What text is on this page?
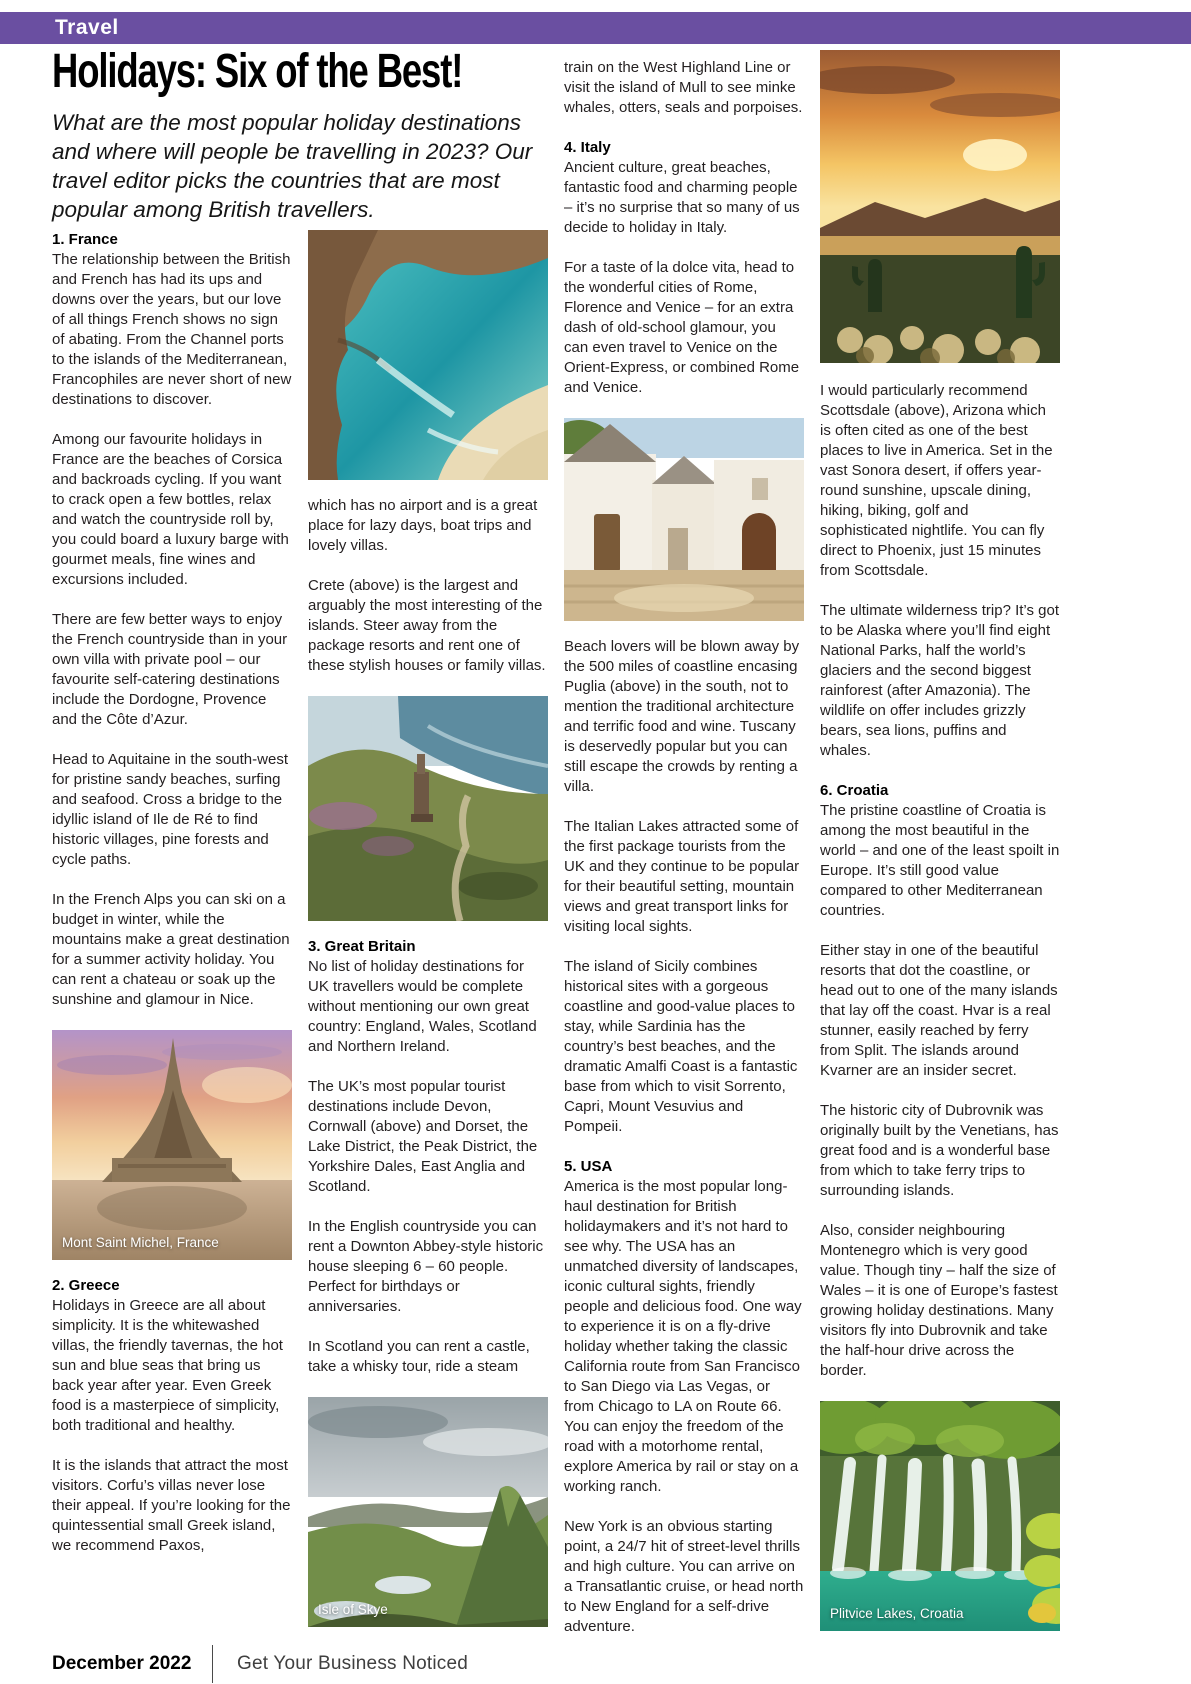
Travel
Holidays: Six of the Best!

What are the most popular holiday destinations and where will people be travelling in 2023? Our travel editor picks the countries that are most popular among British travellers.

1. France

The relationship between the British and French has had its ups and downs over the years, but our love of all things French shows no sign of abating. From the Channel ports to the islands of the Mediterranean, Francophiles are never short of new destinations to discover.

Among our favourite holidays in France are the beaches of Corsica and backroads cycling. If you want to crack open a few bottles, relax and watch the countryside roll by, you could board a luxury barge with gourmet meals, fine wines and excursions included.

There are few better ways to enjoy the French countryside than in your own villa with private pool – our favourite self-catering destinations include the Dordogne, Provence and the Côte d’Azur.

Head to Aquitaine in the south-west for pristine sandy beaches, surfing and seafood. Cross a bridge to the idyllic island of Ile de Ré to find historic villages, pine forests and cycle paths.

In the French Alps you can ski on a budget in winter, while the mountains make a great destination for a summer activity holiday. You can rent a chateau or soak up the sunshine and glamour in Nice.

Mont Saint Michel, France
2. Greece

Holidays in Greece are all about simplicity. It is the whitewashed villas, the friendly tavernas, the hot sun and blue seas that bring us back year after year. Even Greek food is a masterpiece of simplicity, both traditional and healthy.

It is the islands that attract the most visitors. Corfu’s villas never lose their appeal. If you’re looking for the quintessential small Greek island, we recommend Paxos,

which has no airport and is a great place for lazy days, boat trips and lovely villas.

Crete (above) is the largest and arguably the most interesting of the islands. Steer away from the package resorts and rent one of these stylish houses or family villas.

3. Great Britain

No list of holiday destinations for UK travellers would be complete without mentioning our own great country: England, Wales, Scotland and Northern Ireland.

The UK’s most popular tourist destinations include Devon, Cornwall (above) and Dorset, the Lake District, the Peak District, the Yorkshire Dales, East Anglia and Scotland.

In the English countryside you can rent a Downton Abbey-style historic house sleeping 6 – 60 people. Perfect for birthdays or anniversaries.

In Scotland you can rent a castle, take a whisky tour, ride a steam

Isle of Skye

train on the West Highland Line or visit the island of Mull to see minke whales, otters, seals and porpoises.

4. Italy

Ancient culture, great beaches, fantastic food and charming people – it’s no surprise that so many of us decide to holiday in Italy.

For a taste of la dolce vita, head to the wonderful cities of Rome, Florence and Venice – for an extra dash of old-school glamour, you can even travel to Venice on the Orient-Express, or combined Rome and Venice.

Beach lovers will be blown away by the 500 miles of coastline encasing Puglia (above) in the south, not to mention the traditional architecture and terrific food and wine. Tuscany is deservedly popular but you can still escape the crowds by renting a villa.

The Italian Lakes attracted some of the first package tourists from the UK and they continue to be popular for their beautiful setting, mountain views and great transport links for visiting local sights.

The island of Sicily combines historical sites with a gorgeous coastline and good-value places to stay, while Sardinia has the country’s best beaches, and the dramatic Amalfi Coast is a fantastic base from which to visit Sorrento, Capri, Mount Vesuvius and Pompeii.

5. USA

America is the most popular long-haul destination for British holidaymakers and it’s not hard to see why. The USA has an unmatched diversity of landscapes, iconic cultural sights, friendly people and delicious food. One way to experience it is on a fly-drive holiday whether taking the classic California route from San Francisco to San Diego via Las Vegas, or from Chicago to LA on Route 66. You can enjoy the freedom of the road with a motorhome rental, explore America by rail or stay on a working ranch.

New York is an obvious starting point, a 24/7 hit of street-level thrills and high culture. You can arrive on a Transatlantic cruise, or head north to New England for a self-drive adventure.

I would particularly recommend Scottsdale (above), Arizona which is often cited as one of the best places to live in America. Set in the vast Sonora desert, if offers year-round sunshine, upscale dining, hiking, biking, golf and sophisticated nightlife. You can fly direct to Phoenix, just 15 minutes from Scottsdale.

The ultimate wilderness trip? It’s got to be Alaska where you’ll find eight National Parks, half the world’s glaciers and the second biggest rainforest (after Amazonia). The wildlife on offer includes grizzly bears, sea lions, puffins and whales.

6. Croatia

The pristine coastline of Croatia is among the most beautiful in the world – and one of the least spoilt in Europe. It’s still good value compared to other Mediterranean countries.

Either stay in one of the beautiful resorts that dot the coastline, or head out to one of the many islands that lay off the coast. Hvar is a real stunner, easily reached by ferry from Split. The islands around Kvarner are an insider secret.

The historic city of Dubrovnik was originally built by the Venetians, has great food and is a wonderful base from which to take ferry trips to surrounding islands.

Also, consider neighbouring Montenegro which is very good value. Though tiny – half the size of Wales – it is one of Europe’s fastest growing holiday destinations. Many visitors fly into Dubrovnik and take the half-hour drive across the border.

Plitvice Lakes, Croatia
December 2022	Get Your Business Noticed
